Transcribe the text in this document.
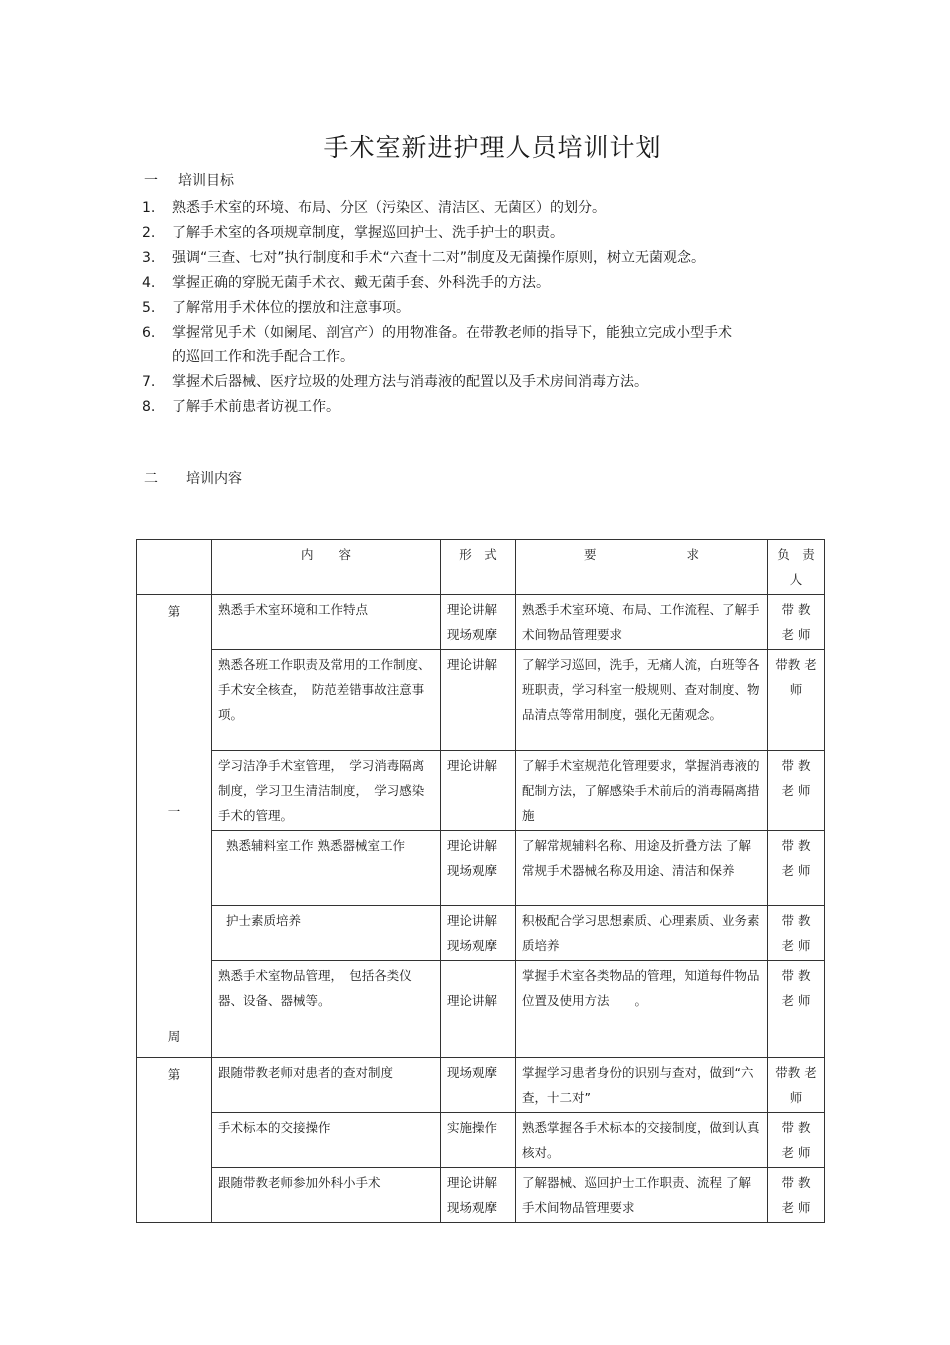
手术室新进护理人员培训计划
一 培训目标
1. 熟悉手术室的环境、布局、分区（污染区、清洁区、无菌区）的划分。
2. 了解手术室的各项规章制度，掌握巡回护士、洗手护士的职责。
3. 强调“三查、七对”执行制度和手术“六查十二对”制度及无菌操作原则，树立无菌观念。
4. 掌握正确的穿脱无菌手术衣、戴无菌手套、外科洗手的方法。
5. 了解常用手术体位的摆放和注意事项。
6. 掌握常见手术（如阑尾、剖宫产）的用物准备。在带教老师的指导下，能独立完成小型手术的巡回工作和洗手配合工作。
7. 掌握术后器械、医疗垃圾的处理方法与消毒液的配置以及手术房间消毒方法。
8. 了解手术前患者访视工作。
二 培训内容
	内　　容	形　式	要 求	负　责　人

第
一
周	熟悉手术室环境和工作特点	理论讲解 现场观摩	熟悉手术室环境、布局、工作流程、了解手术间物品管理要求	带 教 老 师
	熟悉各班工作职责及常用的工作制度、手术安全核查，　防范差错事故注意事项。	理论讲解	了解学习巡回，洗手，无痛人流，白班等各班职责，学习科室一般规则、查对制度、物品清点等常用制度，强化无菌观念。	带教 老师
	学习洁净手术室管理，　学习消毒隔离制度，学习卫生清洁制度，　学习感染手术的管理。	理论讲解	了解手术室规范化管理要求，掌握消毒液的配制方法，了解感染手术前后的消毒隔离措施	带 教 老 师
	熟悉辅料室工作 熟悉器械室工作	理论讲解 现场观摩	了解常规辅料名称、用途及折叠方法 了解常规手术器械名称及用途、清洁和保养	带 教 老 师
	护士素质培养	理论讲解 现场观摩	积极配合学习思想素质、心理素质、业务素质培养	带 教 老 师
	熟悉手术室物品管理，　包括各类仪器、设备、器械等。	理论讲解	掌握手术室各类物品的管理，知道每件物品位置及使用方法　　。	带 教 老 师

第	跟随带教老师对患者的查对制度	现场观摩	掌握学习患者身份的识别与查对，做到“六查，十二对”	带教 老师
	手术标本的交接操作	实施操作	熟悉掌握各手术标本的交接制度，做到认真核对。	带 教 老 师
	跟随带教老师参加外科小手术	理论讲解 现场观摩	了解器械、巡回护士工作职责、流程 了解手术间物品管理要求	带 教 老 师
